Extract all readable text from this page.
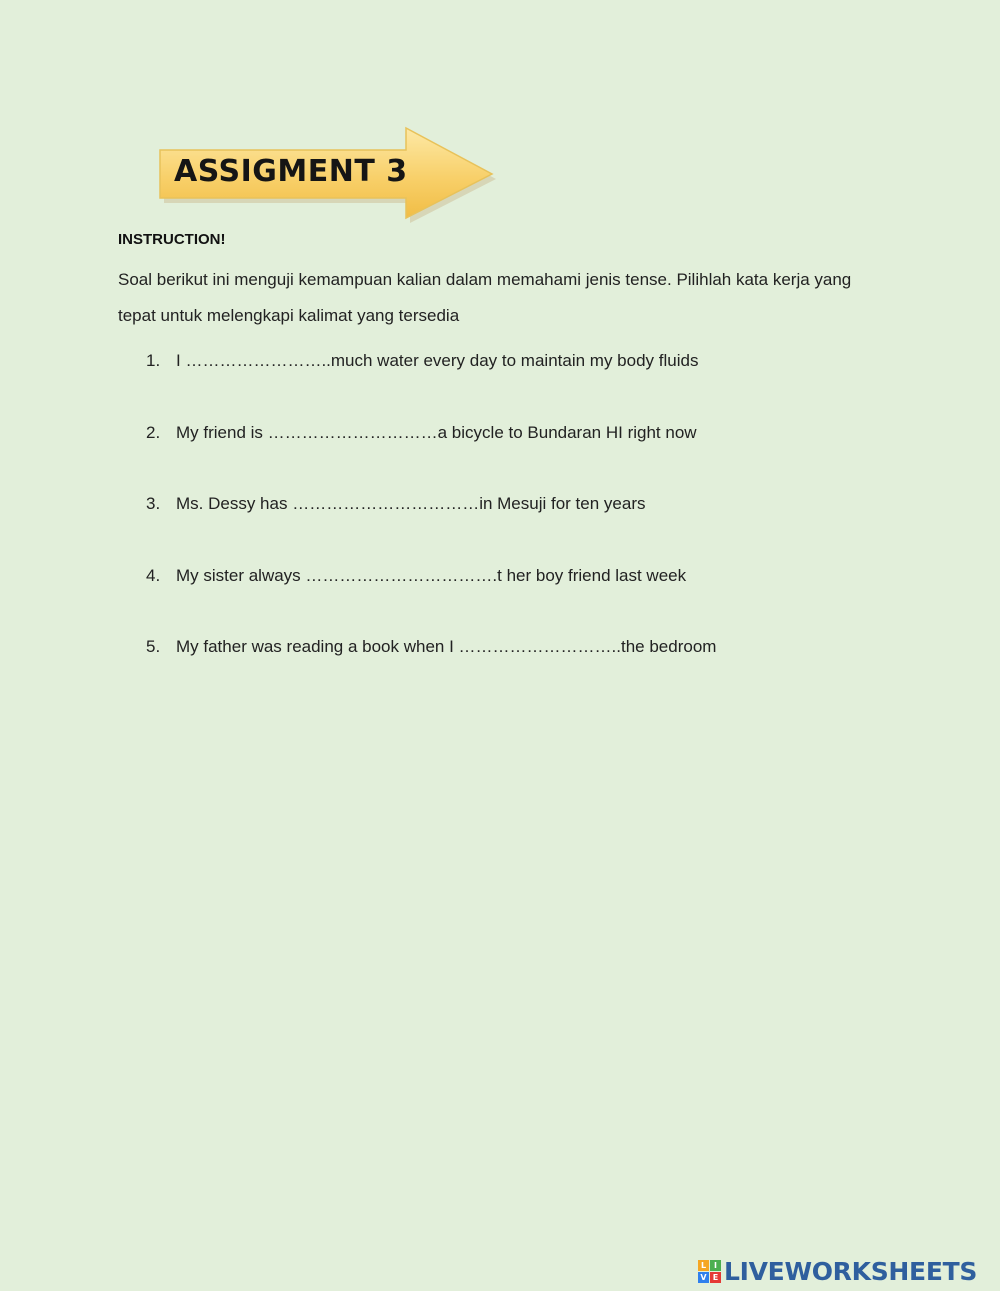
ASSIGMENT 3
INSTRUCTION!
Soal berikut ini menguji kemampuan kalian dalam memahami jenis tense. Pilihlah kata kerja yang tepat untuk melengkapi kalimat yang tersedia
1. I ……………………..much water every day to maintain my body fluids
2. My friend is …………………………a bicycle to Bundaran HI right now
3. Ms. Dessy has ……………………………in Mesuji for ten years
4. My sister always …………………………….t her boy friend last week
5. My father was reading a book when I ………………………..the bedroom
L I
V E LIVEWORKSHEETS
